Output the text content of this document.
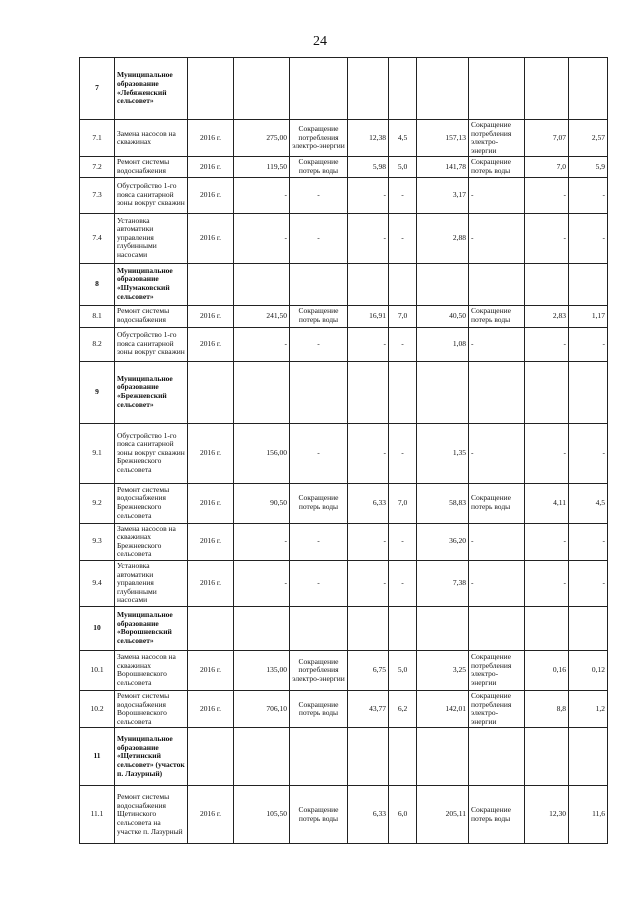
24
7	Муниципальное образование «Лебяженский сельсовет»									
7.1	Замена насосов на скважинах	2016 г.	275,00	Сокращение потребления электро-энергии	12,38	4,5	157,13	Сокращение потребления электро-энергии	7,07	2,57
7.2	Ремонт системы водоснабжения	2016 г.	119,50	Сокращение потерь воды	5,98	5,0	141,78	Сокращение потерь воды	7,0	5,9
7.3	Обустройство 1-го пояса санитарной зоны вокруг скважин	2016 г.	-	-	-	-	3,17	-	-	-
7.4	Установка автоматики управления глубинными насосами	2016 г.	-	-	-	-	2,88	-	-	-
8	Муниципальное образование «Шумаковский сельсовет»									
8.1	Ремонт системы водоснабжения	2016 г.	241,50	Сокращение потерь воды	16,91	7,0	40,50	Сокращение потерь воды	2,83	1,17
8.2	Обустройство 1-го пояса санитарной зоны вокруг скважин	2016 г.	-	-	-	-	1,08	-	-	-
9	Муниципальное образование «Брежневский сельсовет»									
9.1	Обустройство 1-го пояса санитарной зоны вокруг скважин Брежневского сельсовета	2016 г.	156,00	-	-	-	1,35	-	-	-
9.2	Ремонт системы водоснабжения Брежневского сельсовета	2016 г.	90,50	Сокращение потерь воды	6,33	7,0	58,83	Сокращение потерь воды	4,11	4,5
9.3	Замена насосов на скважинах Брежневского сельсовета	2016 г.	-	-	-	-	36,20	-	-	-
9.4	Установка автоматики управления глубинными насосами	2016 г.	-	-	-	-	7,38	-	-	-
10	Муниципальное образование «Ворошневский сельсовет»									
10.1	Замена насосов на скважинах Ворошневского сельсовета	2016 г.	135,00	Сокращение потребления электро-энергии	6,75	5,0	3,25	Сокращение потребления электро-энергии	0,16	0,12
10.2	Ремонт системы водоснабжения Ворошневского сельсовета	2016 г.	706,10	Сокращение потерь воды	43,77	6,2	142,01	Сокращение потребления электро-энергии	8,8	1,2
11	Муниципальное образование «Щетинский сельсовет» (участок п. Лазурный)									
11.1	Ремонт системы водоснабжения Щетинского сельсовета на участке п. Лазурный	2016 г.	105,50	Сокращение потерь воды	6,33	6,0	205,11	Сокращение потерь воды	12,30	11,6
